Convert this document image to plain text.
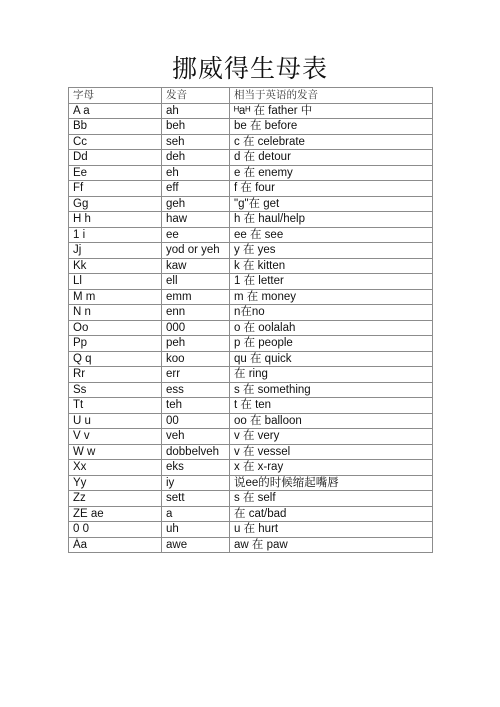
挪威得生母表
字母	发音	相当于英语的发音
A a	ah	ᴴaᴴ 在 father 中
Bb	beh	be 在 before
Cc	seh	c 在 celebrate
Dd	deh	d 在 detour
Ee	eh	e 在 enemy
Ff	eff	f 在 four
Gg	geh	"g"在 get
H h	haw	h 在 haul/help
1 i	ee	ee 在 see
Jj	yod or yeh	y 在 yes
Kk	kaw	k 在 kitten
Ll	ell	1 在 letter
M m	emm	m 在 money
N n	enn	n在no
Oo	000	o 在 oolalah
Pp	peh	p 在 people
Q q	koo	qu 在 quick
Rr	err	在 ring
Ss	ess	s 在 something
Tt	teh	t 在 ten
U u	00	oo 在 balloon
V v	veh	v 在 very
W w	dobbelveh	v 在 vessel
Xx	eks	x 在 x-ray
Yy	iy	说ee的时候缩起嘴唇
Zz	sett	s 在 self
ZE ae	a	在 cat/bad
0 0	uh	u 在 hurt
Ȧa	awe	aw 在 paw
